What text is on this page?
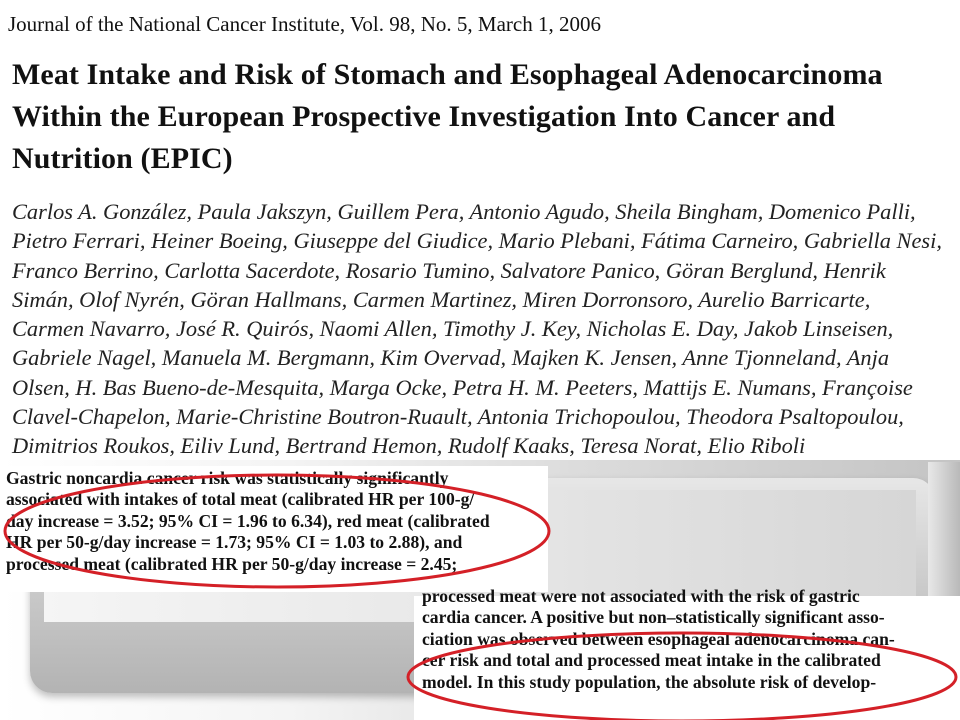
Journal of the National Cancer Institute, Vol. 98, No. 5, March 1, 2006
Meat Intake and Risk of Stomach and Esophageal Adenocarcinoma
Within the European Prospective Investigation Into Cancer and
Nutrition (EPIC)
Carlos A. González, Paula Jakszyn, Guillem Pera, Antonio Agudo, Sheila Bingham, Domenico Palli,
Pietro Ferrari, Heiner Boeing, Giuseppe del Giudice, Mario Plebani, Fátima Carneiro, Gabriella Nesi,
Franco Berrino, Carlotta Sacerdote, Rosario Tumino, Salvatore Panico, Göran Berglund, Henrik
Simán, Olof Nyrén, Göran Hallmans, Carmen Martinez, Miren Dorronsoro, Aurelio Barricarte,
Carmen Navarro, José R. Quirós, Naomi Allen, Timothy J. Key, Nicholas E. Day, Jakob Linseisen,
Gabriele Nagel, Manuela M. Bergmann, Kim Overvad, Majken K. Jensen, Anne Tjonneland, Anja
Olsen, H. Bas Bueno-de-Mesquita, Marga Ocke, Petra H. M. Peeters, Mattijs E. Numans, Françoise
Clavel-Chapelon, Marie-Christine Boutron-Ruault, Antonia Trichopoulou, Theodora Psaltopoulou,
Dimitrios Roukos, Eiliv Lund, Bertrand Hemon, Rudolf Kaaks, Teresa Norat, Elio Riboli
Gastric noncardia cancer risk was statistically significantly
associated with intakes of total meat (calibrated HR per 100-g/
day increase = 3.52; 95% CI = 1.96 to 6.34), red meat (calibrated
HR per 50-g/day increase = 1.73; 95% CI = 1.03 to 2.88), and
processed meat (calibrated HR per 50-g/day increase = 2.45;
processed meat were not associated with the risk of gastric
cardia cancer. A positive but non–statistically significant asso-
ciation was observed between esophageal adenocarcinoma can-
cer risk and total and processed meat intake in the calibrated
model. In this study population, the absolute risk of develop-
